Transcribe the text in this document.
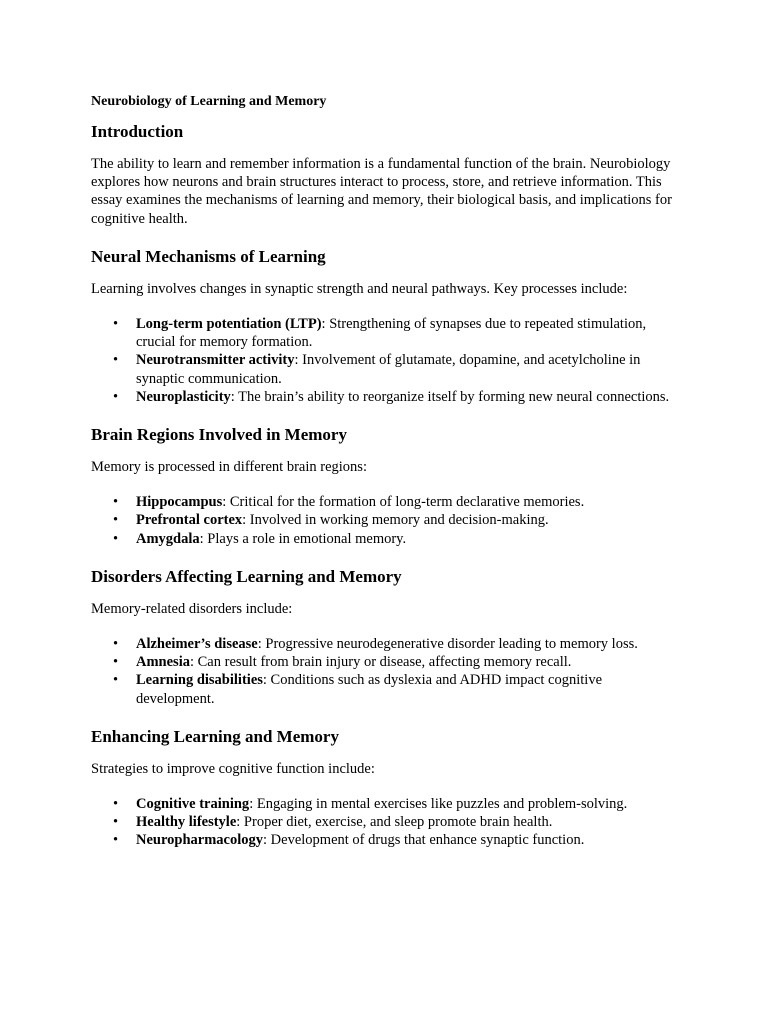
Neurobiology of Learning and Memory
Introduction

The ability to learn and remember information is a fundamental function of the brain. Neurobiology explores how neurons and brain structures interact to process, store, and retrieve information. This essay examines the mechanisms of learning and memory, their biological basis, and implications for cognitive health.

Neural Mechanisms of Learning

Learning involves changes in synaptic strength and neural pathways. Key processes include:

• Long-term potentiation (LTP): Strengthening of synapses due to repeated stimulation, crucial for memory formation.
• Neurotransmitter activity: Involvement of glutamate, dopamine, and acetylcholine in synaptic communication.
• Neuroplasticity: The brain’s ability to reorganize itself by forming new neural connections.
Brain Regions Involved in Memory

Memory is processed in different brain regions:

• Hippocampus: Critical for the formation of long-term declarative memories.
• Prefrontal cortex: Involved in working memory and decision-making.
• Amygdala: Plays a role in emotional memory.
Disorders Affecting Learning and Memory

Memory-related disorders include:

• Alzheimer’s disease: Progressive neurodegenerative disorder leading to memory loss.
• Amnesia: Can result from brain injury or disease, affecting memory recall.
• Learning disabilities: Conditions such as dyslexia and ADHD impact cognitive development.
Enhancing Learning and Memory

Strategies to improve cognitive function include:

• Cognitive training: Engaging in mental exercises like puzzles and problem-solving.
• Healthy lifestyle: Proper diet, exercise, and sleep promote brain health.
• Neuropharmacology: Development of drugs that enhance synaptic function.
